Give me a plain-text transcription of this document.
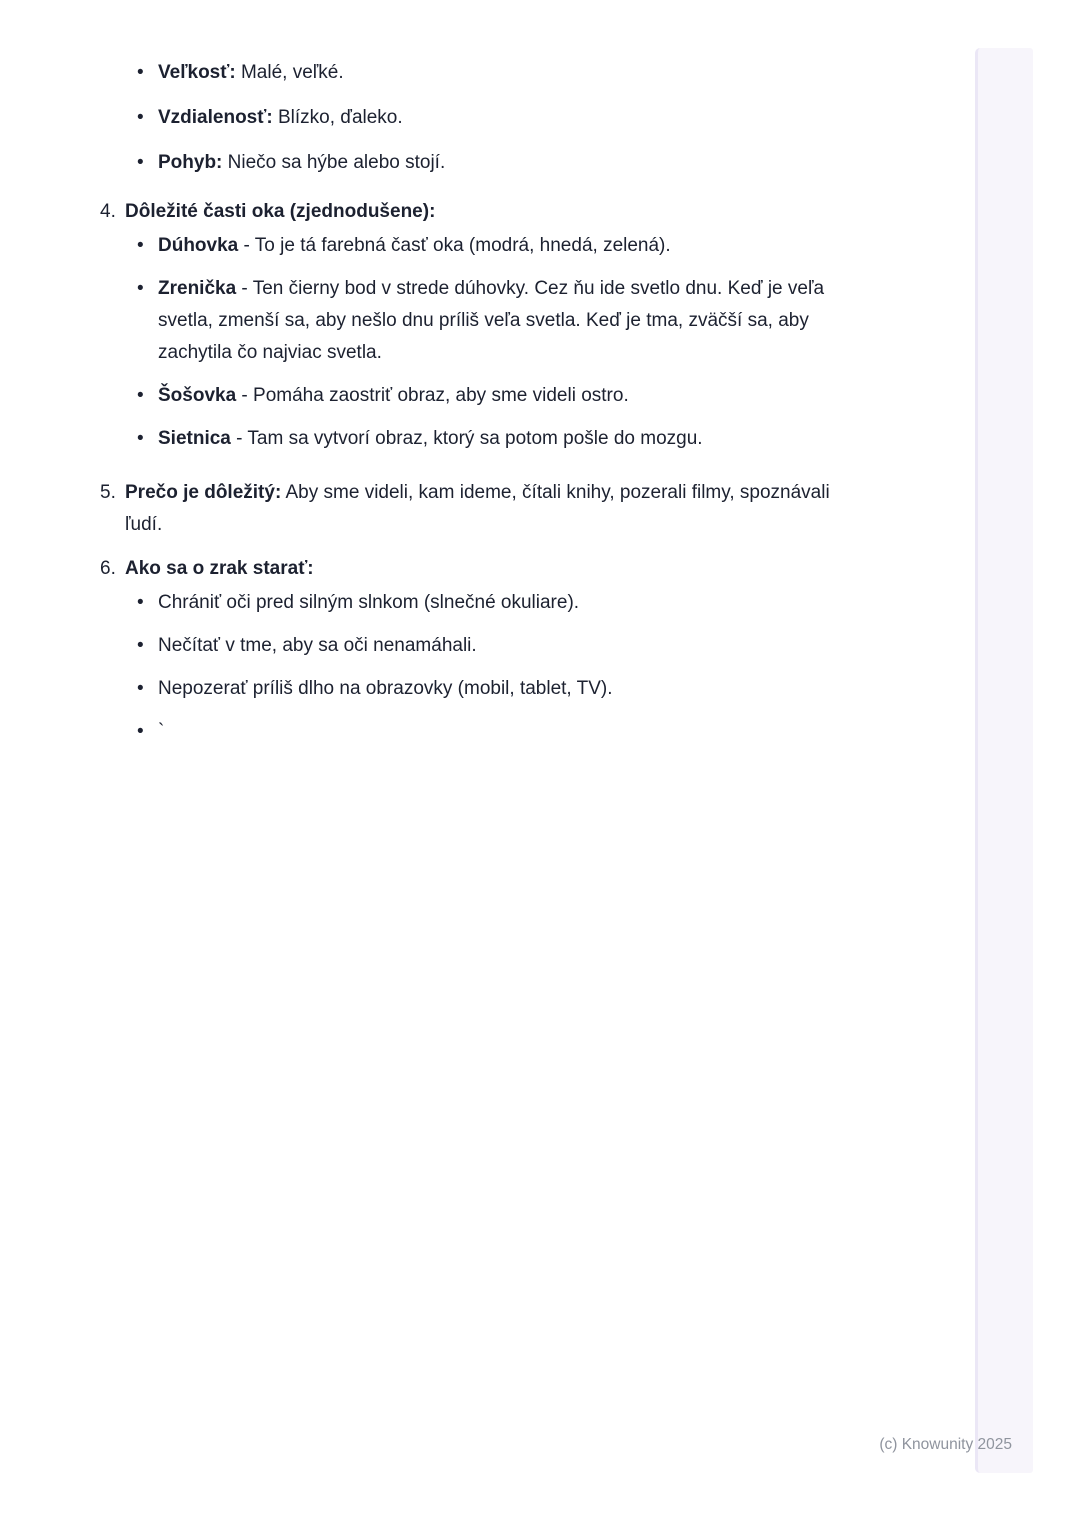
• Veľkosť: Malé, veľké.
• Vzdialenosť: Blízko, ďaleko.
• Pohyb: Niečo sa hýbe alebo stojí.
4. Dôležité časti oka (zjednodušene):
• Dúhovka - To je tá farebná časť oka (modrá, hnedá, zelená).
• Zrenička - Ten čierny bod v strede dúhovky. Cez ňu ide svetlo dnu. Keď je veľa svetla, zmenší sa, aby nešlo dnu príliš veľa svetla. Keď je tma, zväčší sa, aby zachytila čo najviac svetla.
• Šošovka - Pomáha zaostriť obraz, aby sme videli ostro.
• Sietnica - Tam sa vytvorí obraz, ktorý sa potom pošle do mozgu.
5. Prečo je dôležitý: Aby sme videli, kam ideme, čítali knihy, pozerali filmy, spoznávali ľudí.
6. Ako sa o zrak starať:
• Chrániť oči pred silným slnkom (slnečné okuliare).
• Nečítať v tme, aby sa oči nenamáhali.
• Nepozerať príliš dlho na obrazovky (mobil, tablet, TV).
• `
(c) Knowunity 2025
